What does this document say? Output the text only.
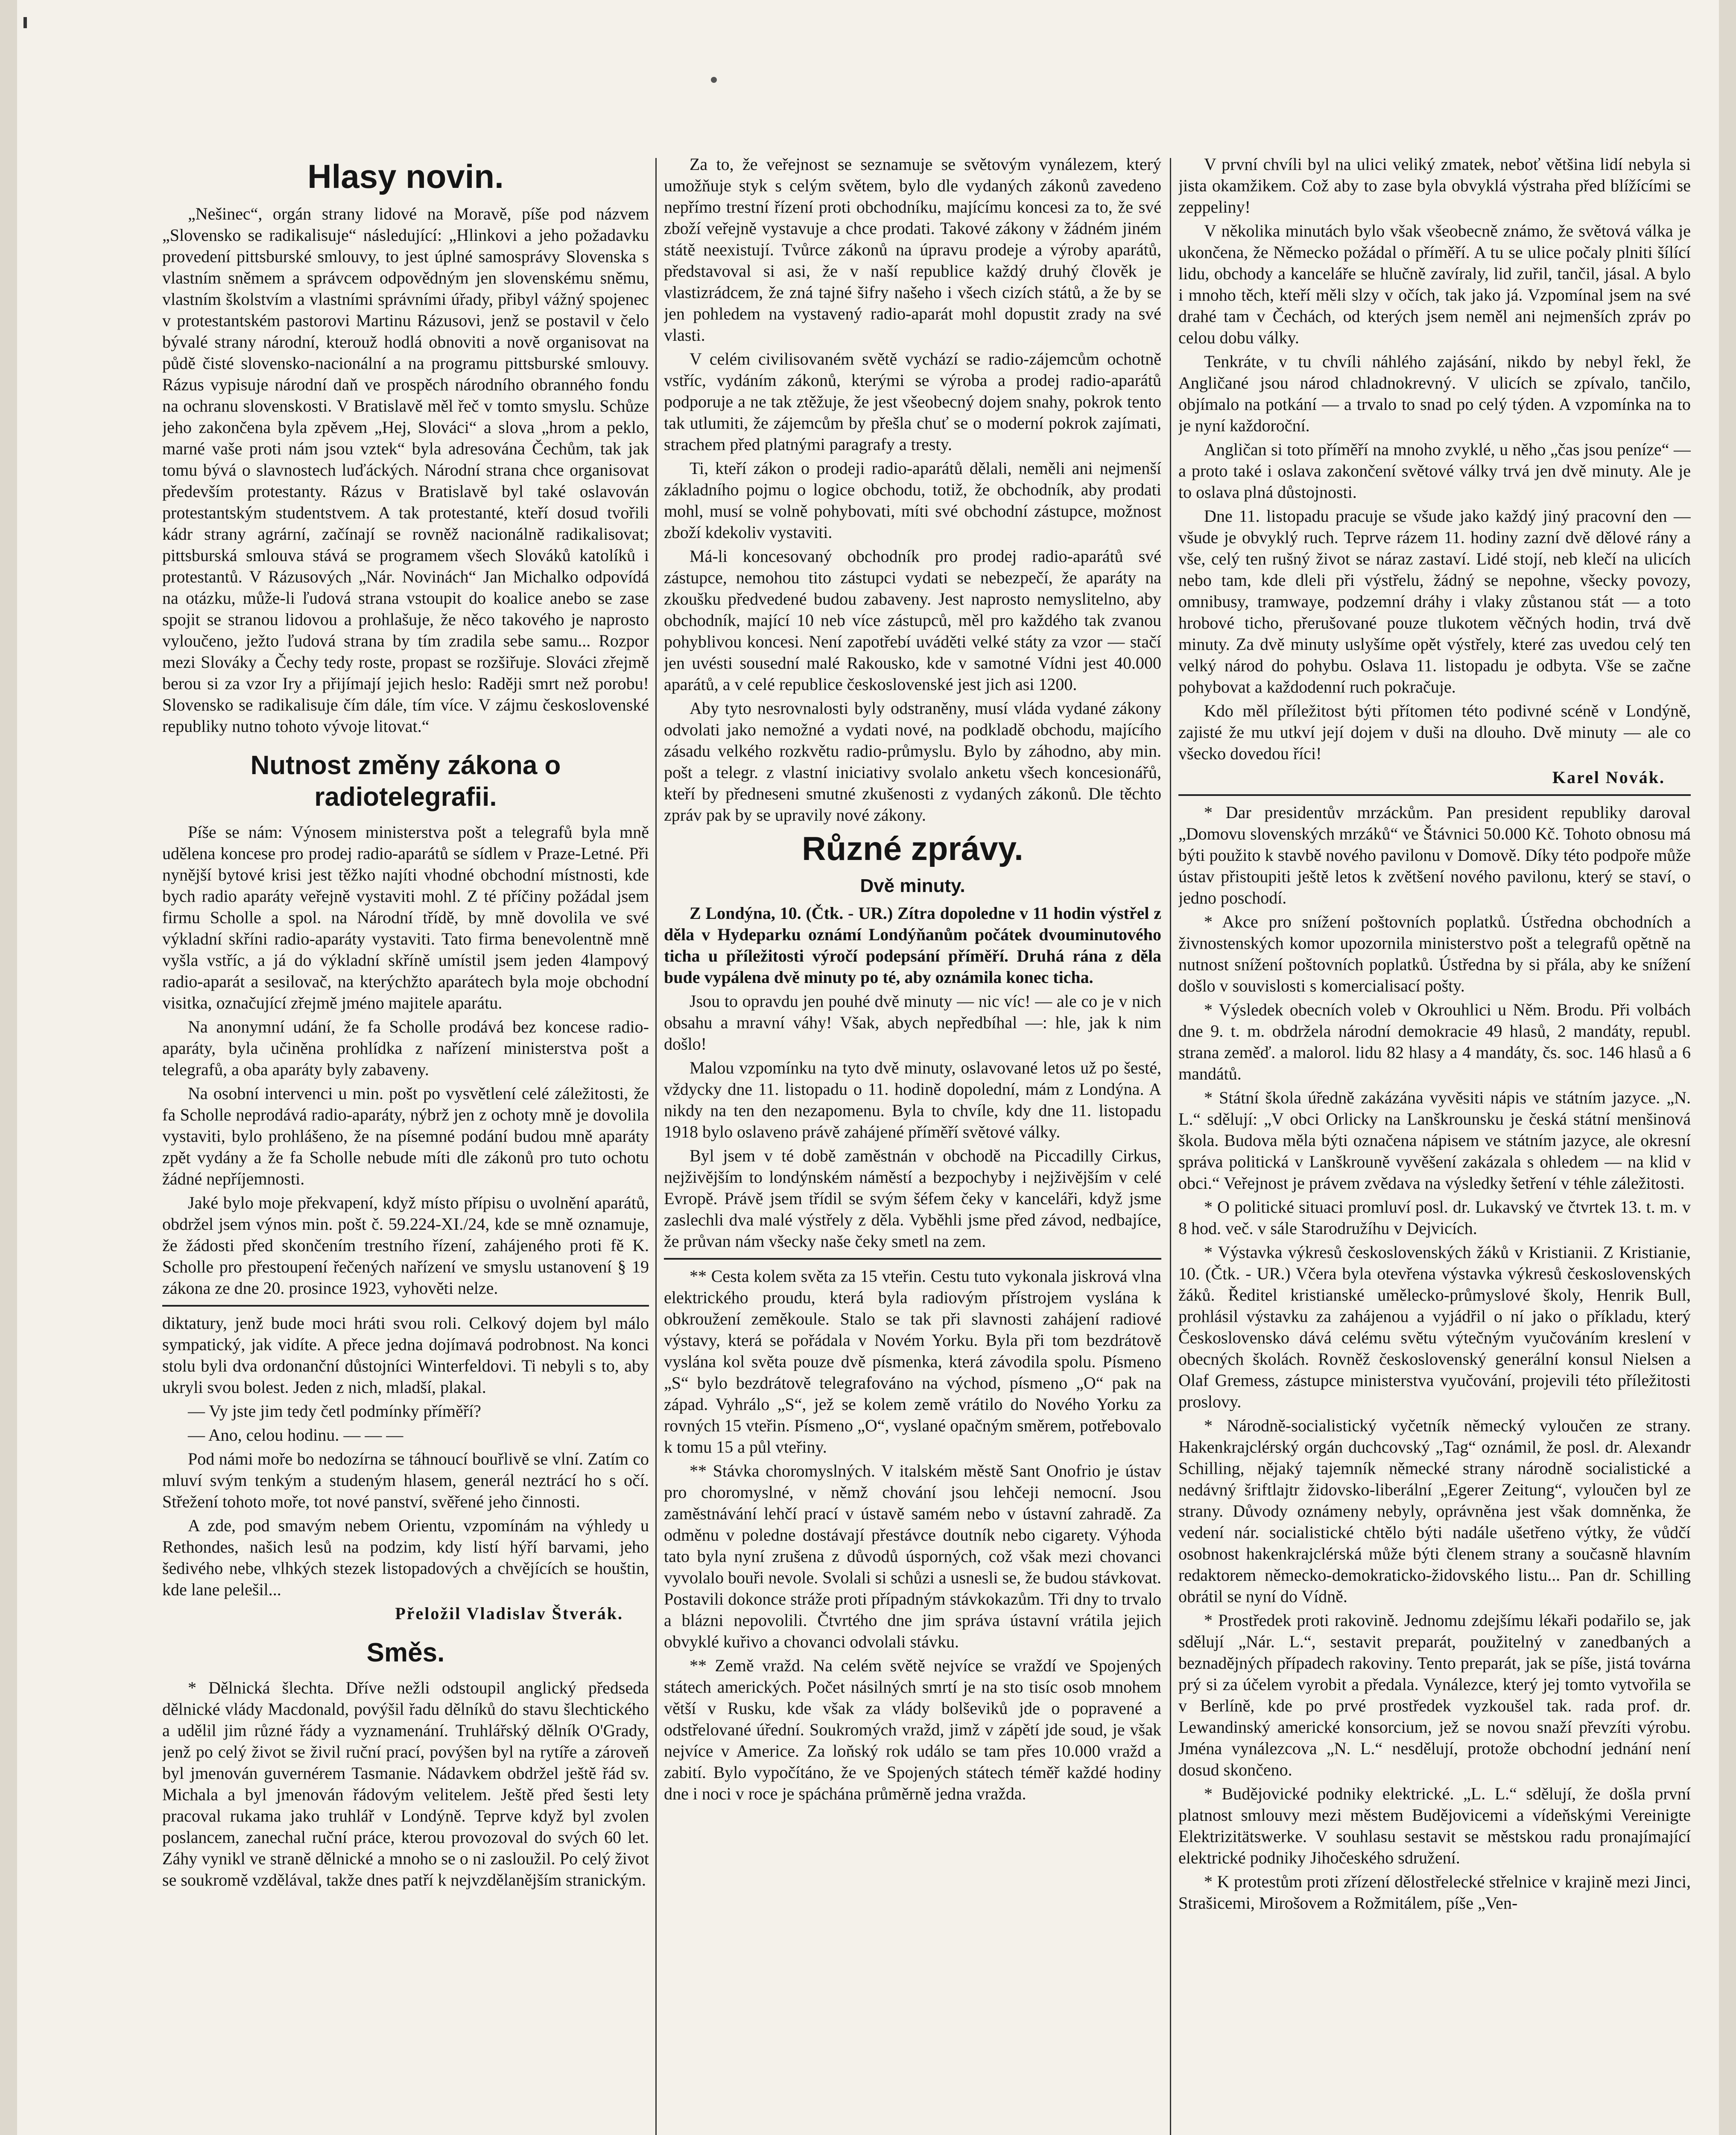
Hlasy novin.

„Nešinec“, orgán strany lidové na Moravě, píše pod názvem „Slovensko se radikalisuje“ následující: „Hlinkovi a jeho požadavku provedení pittsburské smlouvy, to jest úplné samosprávy Slovenska s vlastním sněmem a správcem odpovědným jen slovenskému sněmu, vlastním školstvím a vlastními správními úřady, přibyl vážný spojenec v protestantském pastorovi Martinu Rázusovi, jenž se postavil v čelo bývalé strany národní, kterouž hodlá obnoviti a nově organisovat na půdě čisté slovensko-nacionální a na programu pittsburské smlouvy. Rázus vypisuje národní daň ve prospěch národního obranného fondu na ochranu slovenskosti. V Bratislavě měl řeč v tomto smyslu. Schůze jeho zakončena byla zpěvem „Hej, Slováci“ a slova „hrom a peklo, marné vaše proti nám jsou vztek“ byla adresována Čechům, tak jak tomu bývá o slavnostech luďáckých. Národní strana chce organisovat především protestanty. Rázus v Bratislavě byl také oslavován protestantským studentstvem. A tak protestanté, kteří dosud tvořili kádr strany agrární, začínají se rovněž nacionálně radikalisovat; pittsburská smlouva stává se programem všech Slováků katolíků i protestantů. V Rázusových „Nár. Novinách“ Jan Michalko odpovídá na otázku, může-li ľudová strana vstoupit do koalice anebo se zase spojit se stranou lidovou a prohlašuje, že něco takového je naprosto vyloučeno, ježto ľudová strana by tím zradila sebe samu... Rozpor mezi Slováky a Čechy tedy roste, propast se rozšiřuje. Slováci zřejmě berou si za vzor Iry a přijímají jejich heslo: Raději smrt než porobu! Slovensko se radikalisuje čím dále, tím více. V zájmu československé republiky nutno tohoto vývoje litovat.“

Nutnost změny zákona o radiotelegrafii.

Píše se nám: Výnosem ministerstva pošt a telegrafů byla mně udělena koncese pro prodej radio-aparátů se sídlem v Praze-Letné. Při nynější bytové krisi jest těžko najíti vhodné obchodní místnosti, kde bych radio aparáty veřejně vystaviti mohl. Z té příčiny požádal jsem firmu Scholle a spol. na Národní třídě, by mně dovolila ve své výkladní skříni radio-aparáty vystaviti. Tato firma benevolentně mně vyšla vstříc, a já do výkladní skříně umístil jsem jeden 4lampový radio-aparát a sesilovač, na kterýchžto aparátech byla moje obchodní visitka, označující zřejmě jméno majitele aparátu.

Na anonymní udání, že fa Scholle prodává bez koncese radio-aparáty, byla učiněna prohlídka z nařízení ministerstva pošt a telegrafů, a oba aparáty byly zabaveny.

Na osobní intervenci u min. pošt po vysvětlení celé záležitosti, že fa Scholle neprodává radio-aparáty, nýbrž jen z ochoty mně je dovolila vystaviti, bylo prohlášeno, že na písemné podání budou mně aparáty zpět vydány a že fa Scholle nebude míti dle zákonů pro tuto ochotu žádné nepříjemnosti.

Jaké bylo moje překvapení, když místo přípisu o uvolnění aparátů, obdržel jsem výnos min. pošt č. 59.224-XI./24, kde se mně oznamuje, že žádosti před skončením trestního řízení, zahájeného proti fě K. Scholle pro přestoupení řečených nařízení ve smyslu ustanovení § 19 zákona ze dne 20. prosince 1923, vyhověti nelze.

diktatury, jenž bude moci hráti svou roli. Celkový dojem byl málo sympatický, jak vidíte. A přece jedna dojímavá podrobnost. Na konci stolu byli dva ordonanční důstojníci Winterfeldovi. Ti nebyli s to, aby ukryli svou bolest. Jeden z nich, mladší, plakal.

— Vy jste jim tedy četl podmínky příměří?

— Ano, celou hodinu. — — —

Pod námi moře bo nedozírna se táhnoucí bouřlivě se vlní. Zatím co mluví svým tenkým a studeným hlasem, generál neztrácí ho s očí. Střežení tohoto moře, tot nové panství, svěřené jeho činnosti.

A zde, pod smavým nebem Orientu, vzpomínám na výhledy u Rethondes, našich lesů na podzim, kdy listí hýří barvami, jeho šedivého nebe, vlhkých stezek listopadových a chvějících se houštin, kde lane pelešil...

Přeložil Vladislav Štverák.
Směs.

* Dělnická šlechta. Dříve nežli odstoupil anglický předseda dělnické vlády Macdonald, povýšil řadu dělníků do stavu šlechtického a udělil jim různé řády a vyznamenání. Truhlářský dělník O'Grady, jenž po celý život se živil ruční prací, povýšen byl na rytíře a zároveň byl jmenován guvernérem Tasmanie. Nádavkem obdržel ještě řád sv. Michala a byl jmenován řádovým velitelem. Ještě před šesti lety pracoval rukama jako truhlář v Londýně. Teprve když byl zvolen poslancem, zanechal ruční práce, kterou provozoval do svých 60 let. Záhy vynikl ve straně dělnické a mnoho se o ni zasloužil. Po celý život se soukromě vzdělával, takže dnes patří k nejvzdělanějším stranickým.

Za to, že veřejnost se seznamuje se světovým vynálezem, který umožňuje styk s celým světem, bylo dle vydaných zákonů zavedeno nepřímo trestní řízení proti obchodníku, majícímu koncesi za to, že své zboží veřejně vystavuje a chce prodati. Takové zákony v žádném jiném státě neexistují. Tvůrce zákonů na úpravu prodeje a výroby aparátů, představoval si asi, že v naší republice každý druhý člověk je vlastizrádcem, že zná tajné šifry našeho i všech cizích států, a že by se jen pohledem na vystavený radio-aparát mohl dopustit zrady na své vlasti.

V celém civilisovaném světě vychází se radio-zájemcům ochotně vstříc, vydáním zákonů, kterými se výroba a prodej radio-aparátů podporuje a ne tak ztěžuje, že jest všeobecný dojem snahy, pokrok tento tak utlumiti, že zájemcům by přešla chuť se o moderní pokrok zajímati, strachem před platnými paragrafy a tresty.

Ti, kteří zákon o prodeji radio-aparátů dělali, neměli ani nejmenší základního pojmu o logice obchodu, totiž, že obchodník, aby prodati mohl, musí se volně pohybovati, míti své obchodní zástupce, možnost zboží kdekoliv vystaviti.

Má-li koncesovaný obchodník pro prodej radio-aparátů své zástupce, nemohou tito zástupci vydati se nebezpečí, že aparáty na zkoušku předvedené budou zabaveny. Jest naprosto nemyslitelno, aby obchodník, mající 10 neb více zástupců, měl pro každého tak zvanou pohyblivou koncesi. Není zapotřebí uváděti velké státy za vzor — stačí jen uvésti sousední malé Rakousko, kde v samotné Vídni jest 40.000 aparátů, a v celé republice československé jest jich asi 1200.

Aby tyto nesrovnalosti byly odstraněny, musí vláda vydané zákony odvolati jako nemožné a vydati nové, na podkladě obchodu, majícího zásadu velkého rozkvětu radio-průmyslu. Bylo by záhodno, aby min. pošt a telegr. z vlastní iniciativy svolalo anketu všech koncesionářů, kteří by předneseni smutné zkušenosti z vydaných zákonů. Dle těchto zpráv pak by se upravily nové zákony.

Různé zprávy.
Dvě minuty.

Z Londýna, 10. (Čtk. - UR.) Zítra dopoledne v 11 hodin výstřel z děla v Hydeparku oznámí Londýňanům počátek dvouminutového ticha u příležitosti výročí podepsání příměří. Druhá rána z děla bude vypálena dvě minuty po té, aby oznámila konec ticha.

Jsou to opravdu jen pouhé dvě minuty — nic víc! — ale co je v nich obsahu a mravní váhy! Však, abych nepředbíhal —: hle, jak k nim došlo!

Malou vzpomínku na tyto dvě minuty, oslavované letos už po šesté, vždycky dne 11. listopadu o 11. hodině dopolední, mám z Londýna. A nikdy na ten den nezapomenu. Byla to chvíle, kdy dne 11. listopadu 1918 bylo oslaveno právě zahájené příměří světové války.

Byl jsem v té době zaměstnán v obchodě na Piccadilly Cirkus, nejživějším to londýnském náměstí a bezpochyby i nejživějším v celé Evropě. Právě jsem třídil se svým šéfem čeky v kanceláři, když jsme zaslechli dva malé výstřely z děla. Vyběhli jsme před závod, nedbajíce, že průvan nám všecky naše čeky smetl na zem.

** Cesta kolem světa za 15 vteřin. Cestu tuto vykonala jiskrová vlna elektrického proudu, která byla radiovým přístrojem vyslána k obkroužení zeměkoule. Stalo se tak při slavnosti zahájení radiové výstavy, která se pořádala v Novém Yorku. Byla při tom bezdrátově vyslána kol světa pouze dvě písmenka, která závodila spolu. Písmeno „S“ bylo bezdrátově telegrafováno na východ, písmeno „O“ pak na západ. Vyhrálo „S“, jež se kolem země vrátilo do Nového Yorku za rovných 15 vteřin. Písmeno „O“, vyslané opačným směrem, potřebovalo k tomu 15 a půl vteřiny.

** Stávka choromyslných. V italském městě Sant Onofrio je ústav pro choromyslné, v němž chování jsou lehčeji nemocní. Jsou zaměstnávání lehčí prací v ústavě samém nebo v ústavní zahradě. Za odměnu v poledne dostávají přestávce doutník nebo cigarety. Výhoda tato byla nyní zrušena z důvodů úsporných, což však mezi chovanci vyvolalo bouři nevole. Svolali si schůzi a usnesli se, že budou stávkovat. Postavili dokonce stráže proti případným stávkokazům. Tři dny to trvalo a blázni nepovolili. Čtvrtého dne jim správa ústavní vrátila jejich obvyklé kuřivo a chovanci odvolali stávku.

** Země vražd. Na celém světě nejvíce se vraždí ve Spojených státech amerických. Počet násilných smrtí je na sto tisíc osob mnohem větší v Rusku, kde však za vlády bolševiků jde o popravené a odstřelované úřední. Soukromých vražd, jimž v zápětí jde soud, je však nejvíce v Americe. Za loňský rok událo se tam přes 10.000 vražd a zabití. Bylo vypočítáno, že ve Spojených státech téměř každé hodiny dne i noci v roce je spáchána průměrně jedna vražda.

V první chvíli byl na ulici veliký zmatek, neboť většina lidí nebyla si jista okamžikem. Což aby to zase byla obvyklá výstraha před blížícími se zeppeliny!

V několika minutách bylo však všeobecně známo, že světová válka je ukončena, že Německo požádal o příměří. A tu se ulice počaly plniti šílící lidu, obchody a kanceláře se hlučně zavíraly, lid zuřil, tančil, jásal. A bylo i mnoho těch, kteří měli slzy v očích, tak jako já. Vzpomínal jsem na své drahé tam v Čechách, od kterých jsem neměl ani nejmenších zpráv po celou dobu války.

Tenkráte, v tu chvíli náhlého zajásání, nikdo by nebyl řekl, že Angličané jsou národ chladnokrevný. V ulicích se zpívalo, tančilo, objímalo na potkání — a trvalo to snad po celý týden. A vzpomínka na to je nyní každoroční.

Angličan si toto příměří na mnoho zvyklé, u něho „čas jsou peníze“ — a proto také i oslava zakončení světové války trvá jen dvě minuty. Ale je to oslava plná důstojnosti.

Dne 11. listopadu pracuje se všude jako každý jiný pracovní den — všude je obvyklý ruch. Teprve rázem 11. hodiny zazní dvě dělové rány a vše, celý ten rušný život se náraz zastaví. Lidé stojí, neb klečí na ulicích nebo tam, kde dleli při výstřelu, žádný se nepohne, všecky povozy, omnibusy, tramwaye, podzemní dráhy i vlaky zůstanou stát — a toto hrobové ticho, přerušované pouze tlukotem věčných hodin, trvá dvě minuty. Za dvě minuty uslyšíme opět výstřely, které zas uvedou celý ten velký národ do pohybu. Oslava 11. listopadu je odbyta. Vše se začne pohybovat a každodenní ruch pokračuje.

Kdo měl příležitost býti přítomen této podivné scéně v Londýně, zajisté že mu utkví její dojem v duši na dlouho. Dvě minuty — ale co všecko dovedou říci!

Karel Novák.

* Dar presidentův mrzáckům. Pan president republiky daroval „Domovu slovenských mrzáků“ ve Štávnici 50.000 Kč. Tohoto obnosu má býti použito k stavbě nového pavilonu v Domově. Díky této podpoře může ústav přistoupiti ještě letos k zvětšení nového pavilonu, který se staví, o jedno poschodí.

* Akce pro snížení poštovních poplatků. Ústředna obchodních a živnostenských komor upozornila ministerstvo pošt a telegrafů opětně na nutnost snížení poštovních poplatků. Ústředna by si přála, aby ke snížení došlo v souvislosti s komercialisací pošty.

* Výsledek obecních voleb v Okrouhlici u Něm. Brodu. Při volbách dne 9. t. m. obdržela národní demokracie 49 hlasů, 2 mandáty, republ. strana zeměď. a malorol. lidu 82 hlasy a 4 mandáty, čs. soc. 146 hlasů a 6 mandátů.

* Státní škola úředně zakázána vyvěsiti nápis ve státním jazyce. „N. L.“ sdělují: „V obci Orlicky na Lanškrounsku je česká státní menšinová škola. Budova měla býti označena nápisem ve státním jazyce, ale okresní správa politická v Lanškrouně vyvěšení zakázala s ohledem — na klid v obci.“ Veřejnost je právem zvědava na výsledky šetření v téhle záležitosti.

* O politické situaci promluví posl. dr. Lukavský ve čtvrtek 13. t. m. v 8 hod. več. v sále Starodružíhu v Dejvicích.

* Výstavka výkresů československých žáků v Kristianii. Z Kristianie, 10. (Čtk. - UR.) Včera byla otevřena výstavka výkresů československých žáků. Ředitel kristianské umělecko-průmyslové školy, Henrik Bull, prohlásil výstavku za zahájenou a vyjádřil o ní jako o příkladu, který Československo dává celému světu výtečným vyučováním kreslení v obecných školách. Rovněž československý generální konsul Nielsen a Olaf Gremess, zástupce ministerstva vyučování, projevili této příležitosti proslovy.

* Národně-socialistický vyčetník německý vyloučen ze strany. Hakenkrajclérský orgán duchcovský „Tag“ oznámil, že posl. dr. Alexandr Schilling, nějaký tajemník německé strany národně socialistické a nedávný šriftlajtr židovsko-liberální „Egerer Zeitung“, vyloučen byl ze strany. Důvody oznámeny nebyly, oprávněna jest však domněnka, že vedení nár. socialistické chtělo býti nadále ušetřeno výtky, že vůdčí osobnost hakenkrajclérská může býti členem strany a současně hlavním redaktorem německo-demokraticko-židovského listu... Pan dr. Schilling obrátil se nyní do Vídně.

* Prostředek proti rakovině. Jednomu zdejšímu lékaři podařilo se, jak sdělují „Nár. L.“, sestavit preparát, použitelný v zanedbaných a beznadějných případech rakoviny. Tento preparát, jak se píše, jistá továrna prý si za účelem vyrobit a předala. Vynálezce, který jej tomto vytvořila se v Berlíně, kde po prvé prostředek vyzkoušel tak. rada prof. dr. Lewandinský americké konsorcium, jež se novou snaží převzíti výrobu. Jména vynálezcova „N. L.“ nesdělují, protože obchodní jednání není dosud skončeno.

* Budějovické podniky elektrické. „L. L.“ sdělují, že došla první platnost smlouvy mezi městem Budějovicemi a vídeňskými Vereinigte Elektrizitätswerke. V souhlasu sestavit se městskou radu pronajímající elektrické podniky Jihočeského sdružení.

* K protestům proti zřízení dělostřelecké střelnice v krajině mezi Jinci, Strašicemi, Mirošovem a Rožmitálem, píše „Ven-
